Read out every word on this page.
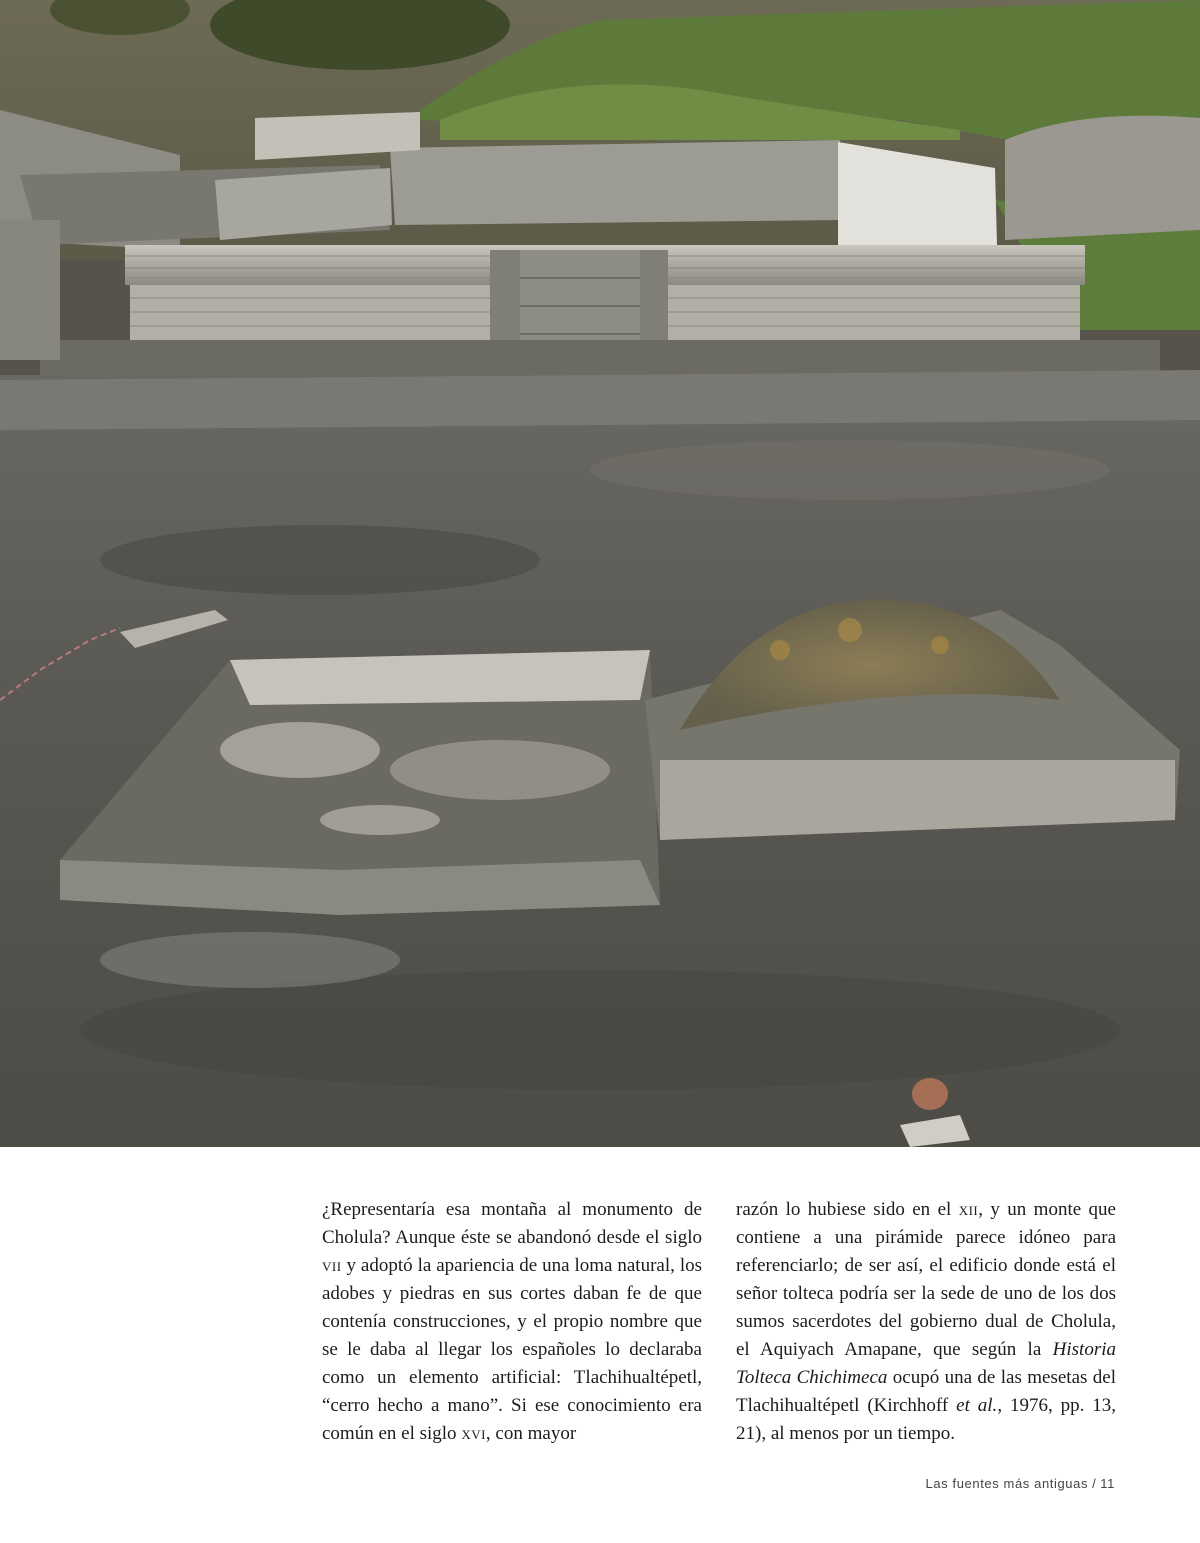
¿Representaría esa montaña al monumento de Cholula? Aunque éste se abandonó desde el siglo vii y adoptó la apariencia de una loma natural, los adobes y piedras en sus cortes daban fe de que contenía construcciones, y el propio nombre que se le daba al llegar los españoles lo declaraba como un elemento artificial: Tlachihualtépetl, “cerro hecho a mano”. Si ese conocimiento era común en el siglo xvi, con mayor

razón lo hubiese sido en el xii, y un monte que contiene a una pirámide parece idóneo para referenciarlo; de ser así, el edificio donde está el señor tolteca podría ser la sede de uno de los dos sumos sacerdotes del gobierno dual de Cholula, el Aquiyach Amapane, que según la Historia Tolteca Chichimeca ocupó una de las mesetas del Tlachihualtépetl (Kirchhoff et al., 1976, pp. 13, 21), al menos por un tiempo.

Las fuentes más antiguas / 11
